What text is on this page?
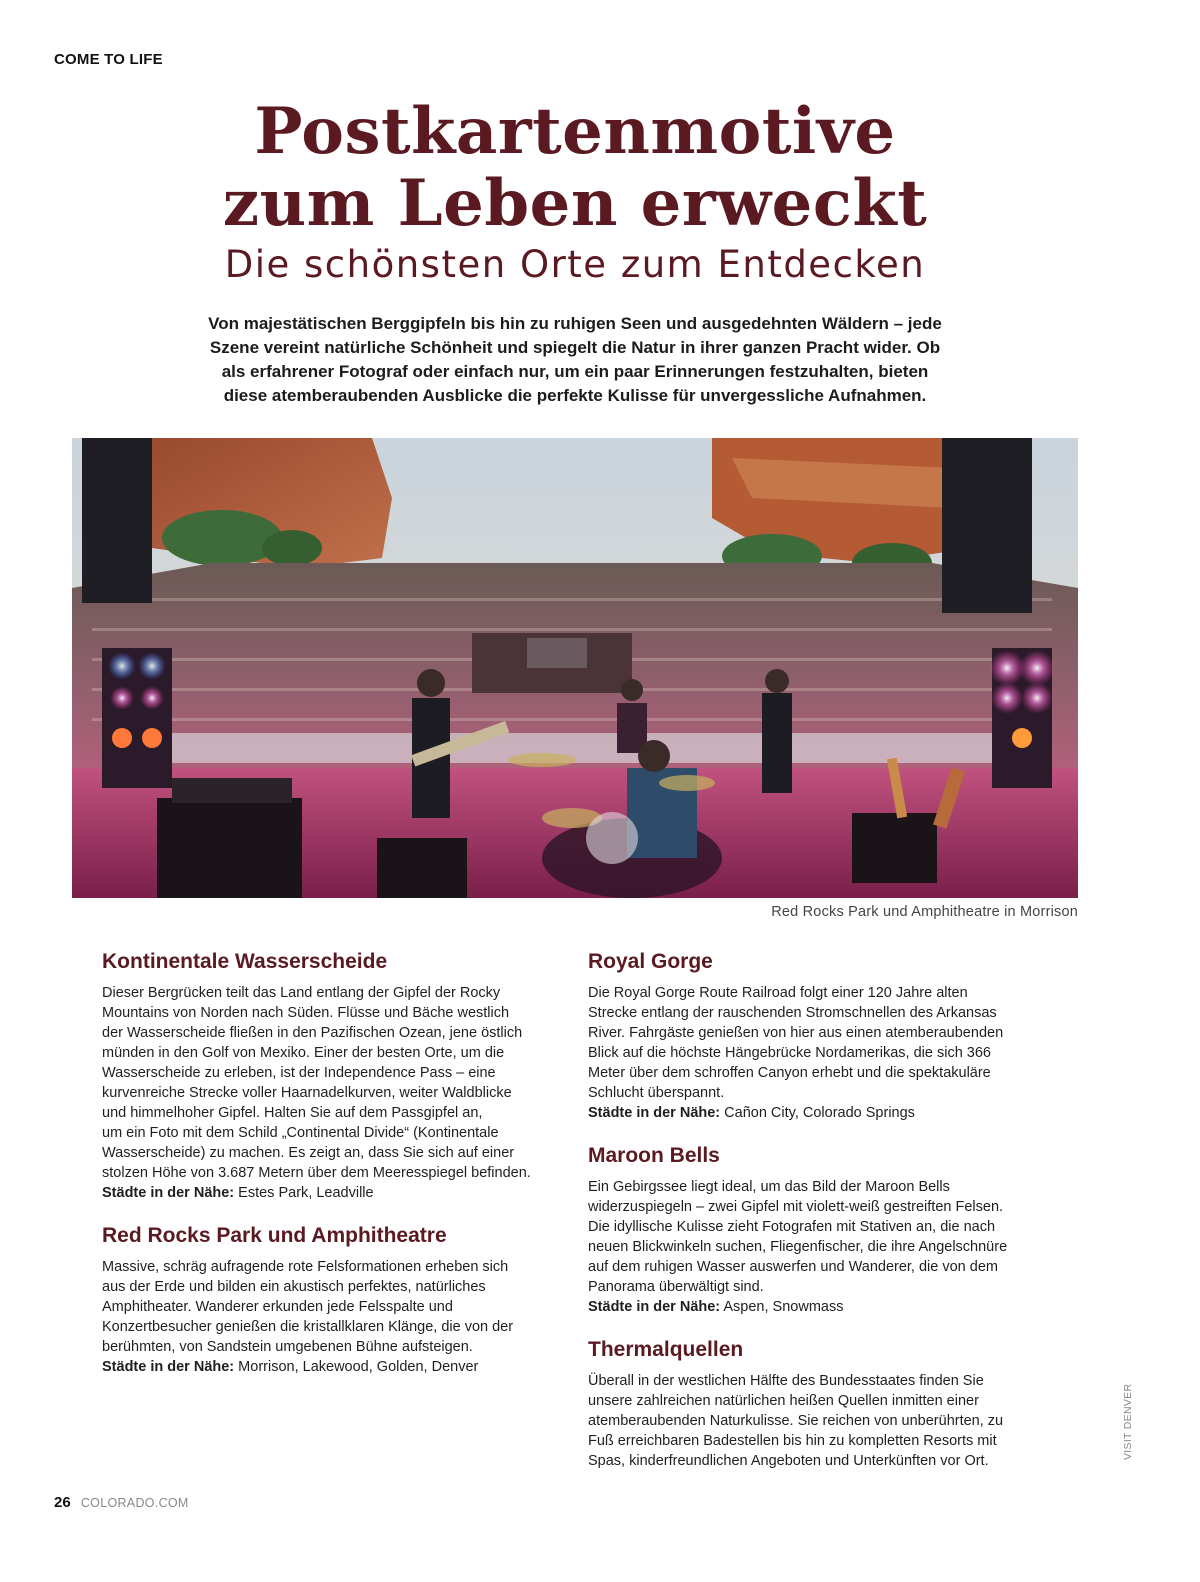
COME TO LIFE
Postkartenmotive
zum Leben erweckt
Die schönsten Orte zum Entdecken
Von majestätischen Berggipfeln bis hin zu ruhigen Seen und ausgedehnten Wäldern – jede
Szene vereint natürliche Schönheit und spiegelt die Natur in ihrer ganzen Pracht wider. Ob
als erfahrener Fotograf oder einfach nur, um ein paar Erinnerungen festzuhalten, bieten
diese atemberaubenden Ausblicke die perfekte Kulisse für unvergessliche Aufnahmen.
Red Rocks Park und Amphitheatre in Morrison
Kontinentale Wasserscheide
Dieser Bergrücken teilt das Land entlang der Gipfel der Rocky
Mountains von Norden nach Süden. Flüsse und Bäche westlich
der Wasserscheide fließen in den Pazifischen Ozean, jene östlich
münden in den Golf von Mexiko. Einer der besten Orte, um die
Wasserscheide zu erleben, ist der Independence Pass – eine
kurvenreiche Strecke voller Haarnadelkurven, weiter Waldblicke
und himmelhoher Gipfel. Halten Sie auf dem Passgipfel an,
um ein Foto mit dem Schild „Continental Divide“ (Kontinentale
Wasserscheide) zu machen. Es zeigt an, dass Sie sich auf einer
stolzen Höhe von 3.687 Metern über dem Meeresspiegel befinden.
Städte in der Nähe: Estes Park, Leadville
Red Rocks Park und Amphitheatre
Massive, schräg aufragende rote Felsformationen erheben sich
aus der Erde und bilden ein akustisch perfektes, natürliches
Amphitheater. Wanderer erkunden jede Felsspalte und
Konzertbesucher genießen die kristallklaren Klänge, die von der
berühmten, von Sandstein umgebenen Bühne aufsteigen.
Städte in der Nähe: Morrison, Lakewood, Golden, Denver
Royal Gorge
Die Royal Gorge Route Railroad folgt einer 120 Jahre alten
Strecke entlang der rauschenden Stromschnellen des Arkansas
River. Fahrgäste genießen von hier aus einen atemberaubenden
Blick auf die höchste Hängebrücke Nordamerikas, die sich 366
Meter über dem schroffen Canyon erhebt und die spektakuläre
Schlucht überspannt.
Städte in der Nähe: Cañon City, Colorado Springs
Maroon Bells
Ein Gebirgssee liegt ideal, um das Bild der Maroon Bells
widerzuspiegeln – zwei Gipfel mit violett-weiß gestreiften Felsen.
Die idyllische Kulisse zieht Fotografen mit Stativen an, die nach
neuen Blickwinkeln suchen, Fliegenfischer, die ihre Angelschnüre
auf dem ruhigen Wasser auswerfen und Wanderer, die von dem
Panorama überwältigt sind.
Städte in der Nähe: Aspen, Snowmass
Thermalquellen
Überall in der westlichen Hälfte des Bundesstaates finden Sie
unsere zahlreichen natürlichen heißen Quellen inmitten einer
atemberaubenden Naturkulisse. Sie reichen von unberührten, zu
Fuß erreichbaren Badestellen bis hin zu kompletten Resorts mit
Spas, kinderfreundlichen Angeboten und Unterkünften vor Ort.
VISIT DENVER
26 COLORADO.COM
